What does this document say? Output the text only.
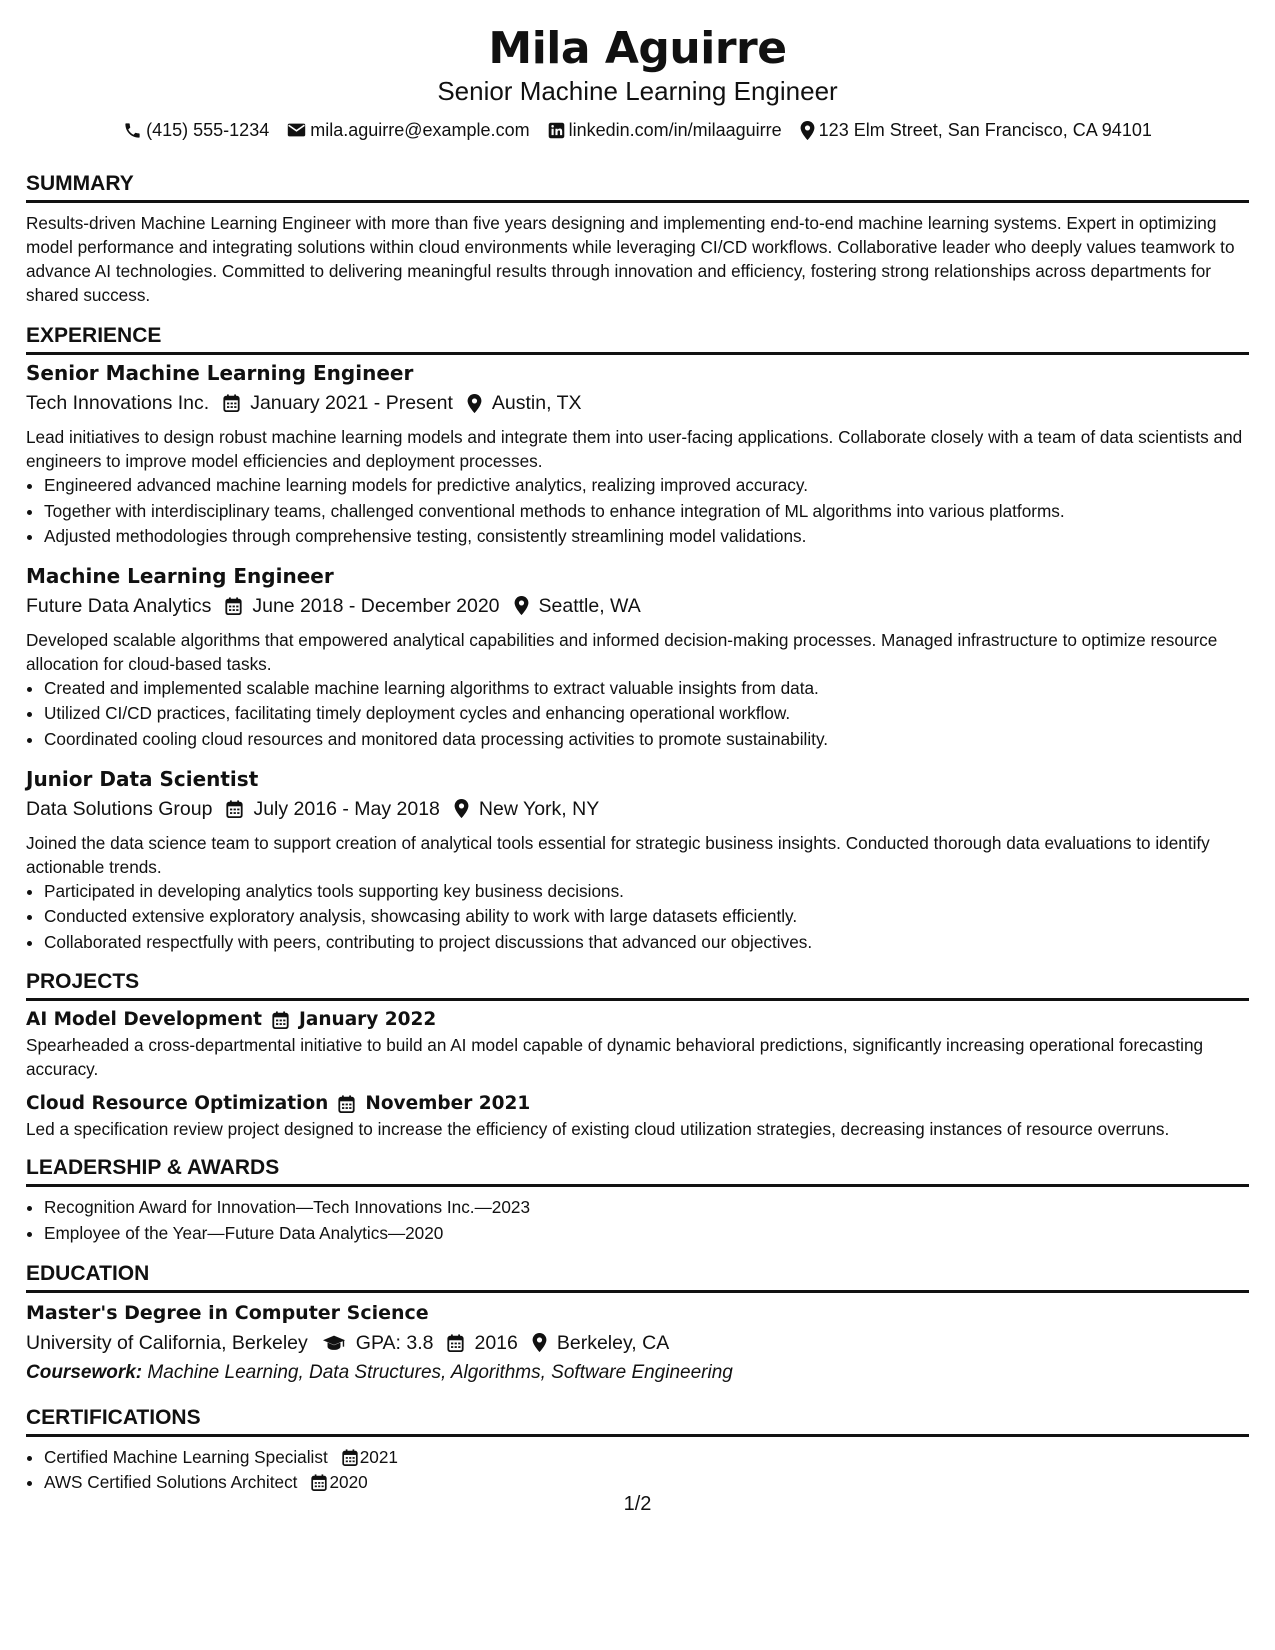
Mila Aguirre
Senior Machine Learning Engineer
(415) 555-1234 mila.aguirre@example.com linkedin.com/in/milaaguirre 123 Elm Street, San Francisco, CA 94101
SUMMARY
Results-driven Machine Learning Engineer with more than five years designing and implementing end-to-end machine learning systems. Expert in optimizing model performance and integrating solutions within cloud environments while leveraging CI/CD workflows. Collaborative leader who deeply values teamwork to advance AI technologies. Committed to delivering meaningful results through innovation and efficiency, fostering strong relationships across departments for shared success.
EXPERIENCE
Senior Machine Learning Engineer
Tech Innovations Inc. January 2021 - Present Austin, TX
Lead initiatives to design robust machine learning models and integrate them into user-facing applications. Collaborate closely with a team of data scientists and engineers to improve model efficiencies and deployment processes.
• Engineered advanced machine learning models for predictive analytics, realizing improved accuracy.
• Together with interdisciplinary teams, challenged conventional methods to enhance integration of ML algorithms into various platforms.
• Adjusted methodologies through comprehensive testing, consistently streamlining model validations.
Machine Learning Engineer
Future Data Analytics June 2018 - December 2020 Seattle, WA
Developed scalable algorithms that empowered analytical capabilities and informed decision-making processes. Managed infrastructure to optimize resource allocation for cloud-based tasks.
• Created and implemented scalable machine learning algorithms to extract valuable insights from data.
• Utilized CI/CD practices, facilitating timely deployment cycles and enhancing operational workflow.
• Coordinated cooling cloud resources and monitored data processing activities to promote sustainability.
Junior Data Scientist
Data Solutions Group July 2016 - May 2018 New York, NY
Joined the data science team to support creation of analytical tools essential for strategic business insights. Conducted thorough data evaluations to identify actionable trends.
• Participated in developing analytics tools supporting key business decisions.
• Conducted extensive exploratory analysis, showcasing ability to work with large datasets efficiently.
• Collaborated respectfully with peers, contributing to project discussions that advanced our objectives.
PROJECTS
AI Model Development January 2022
Spearheaded a cross-departmental initiative to build an AI model capable of dynamic behavioral predictions, significantly increasing operational forecasting accuracy.
Cloud Resource Optimization November 2021
Led a specification review project designed to increase the efficiency of existing cloud utilization strategies, decreasing instances of resource overruns.
LEADERSHIP & AWARDS
• Recognition Award for Innovation—Tech Innovations Inc.—2023
• Employee of the Year—Future Data Analytics—2020
EDUCATION
Master's Degree in Computer Science
University of California, Berkeley GPA: 3.8 2016 Berkeley, CA
Coursework: Machine Learning, Data Structures, Algorithms, Software Engineering
CERTIFICATIONS
• Certified Machine Learning Specialist 2021
• AWS Certified Solutions Architect 2020
1/2
